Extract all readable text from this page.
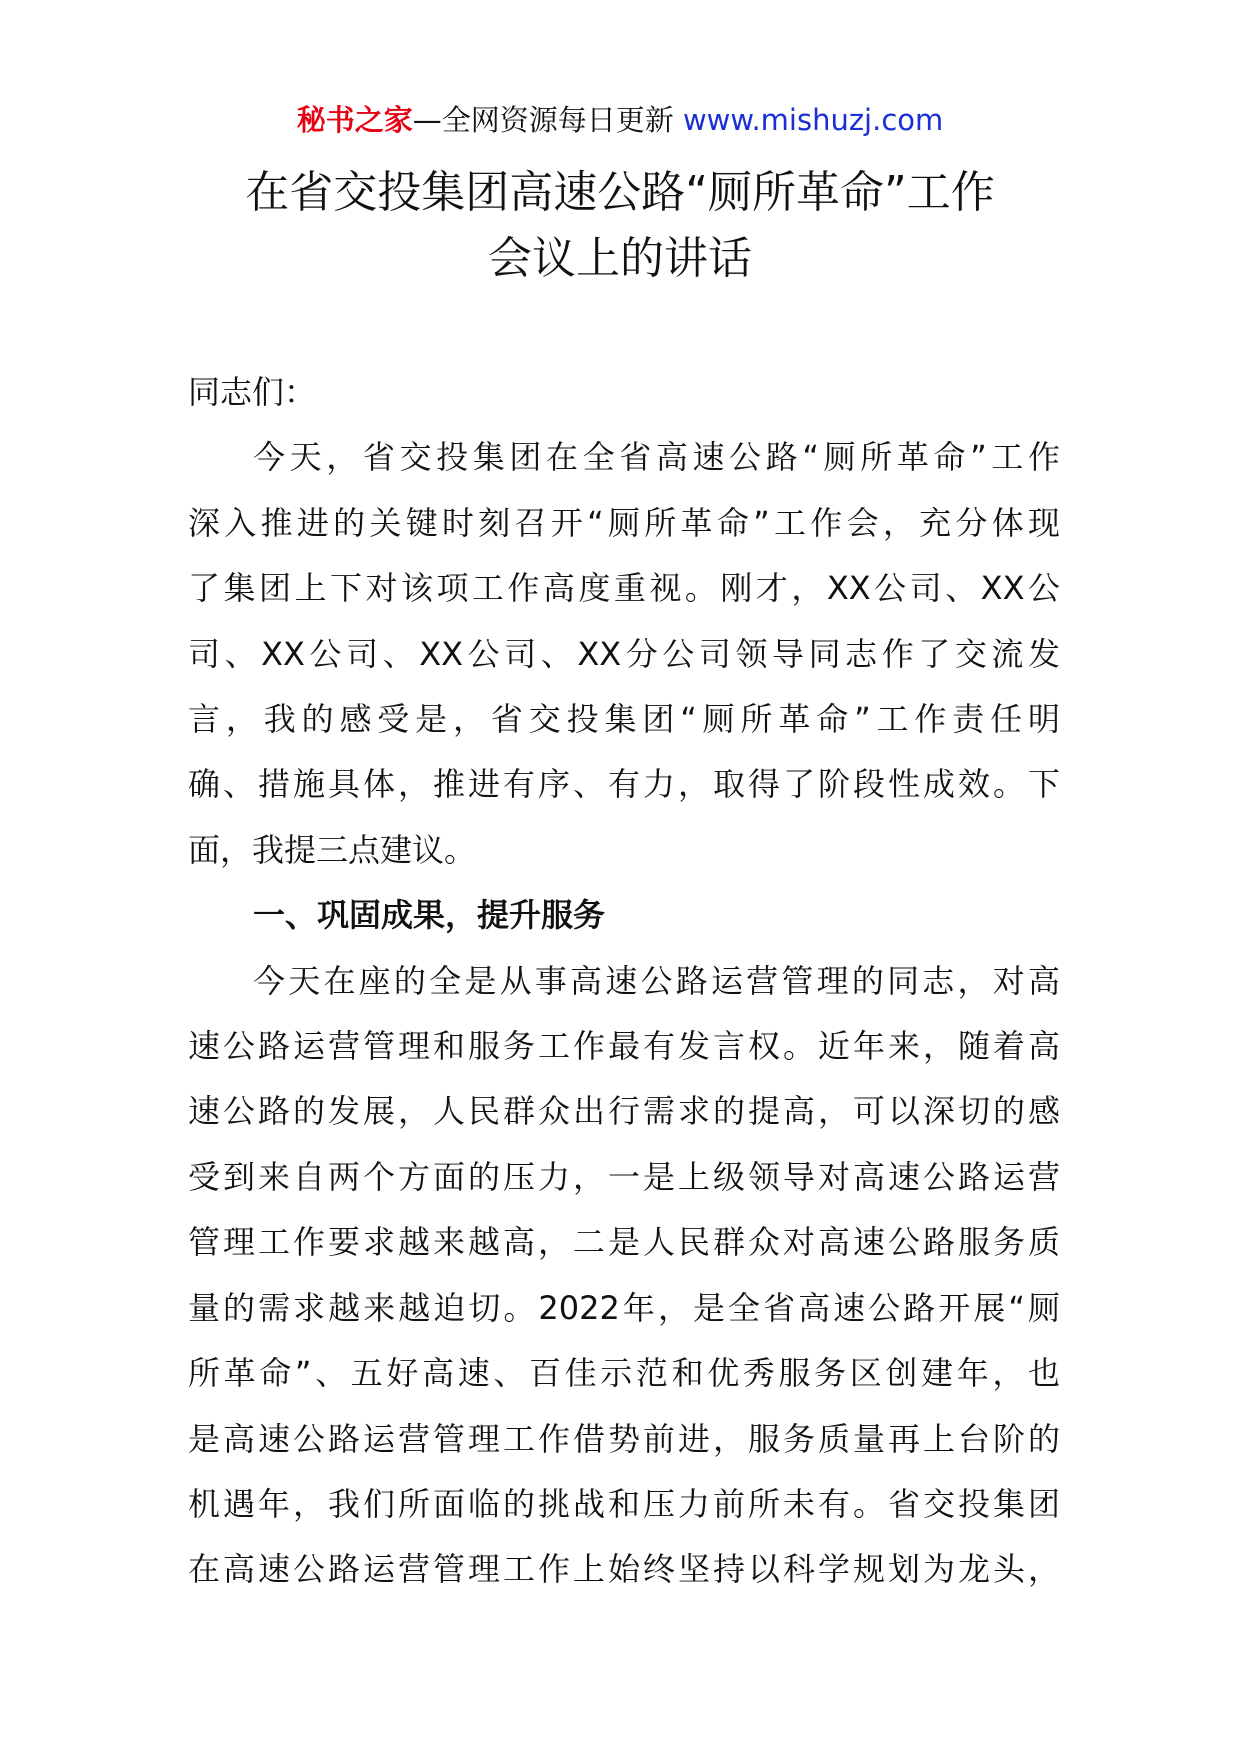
秘书之家—全网资源每日更新 www.mishuzj.com
在省交投集团高速公路“厕所革命”工作
会议上的讲话
同志们：
今天，省交投集团在全省高速公路“厕所革命”工作
深入推进的关键时刻召开“厕所革命”工作会，充分体现
了集团上下对该项工作高度重视。刚才，XX公司、XX公
司、XX公司、XX公司、XX分公司领导同志作了交流发
言，我的感受是，省交投集团“厕所革命”工作责任明
确、措施具体，推进有序、有力，取得了阶段性成效。下
面，我提三点建议。
一、巩固成果，提升服务
今天在座的全是从事高速公路运营管理的同志，对高
速公路运营管理和服务工作最有发言权。近年来，随着高
速公路的发展，人民群众出行需求的提高，可以深切的感
受到来自两个方面的压力，一是上级领导对高速公路运营
管理工作要求越来越高，二是人民群众对高速公路服务质
量的需求越来越迫切。2022年，是全省高速公路开展“厕
所革命”、五好高速、百佳示范和优秀服务区创建年，也
是高速公路运营管理工作借势前进，服务质量再上台阶的
机遇年，我们所面临的挑战和压力前所未有。省交投集团
在高速公路运营管理工作上始终坚持以科学规划为龙头，
